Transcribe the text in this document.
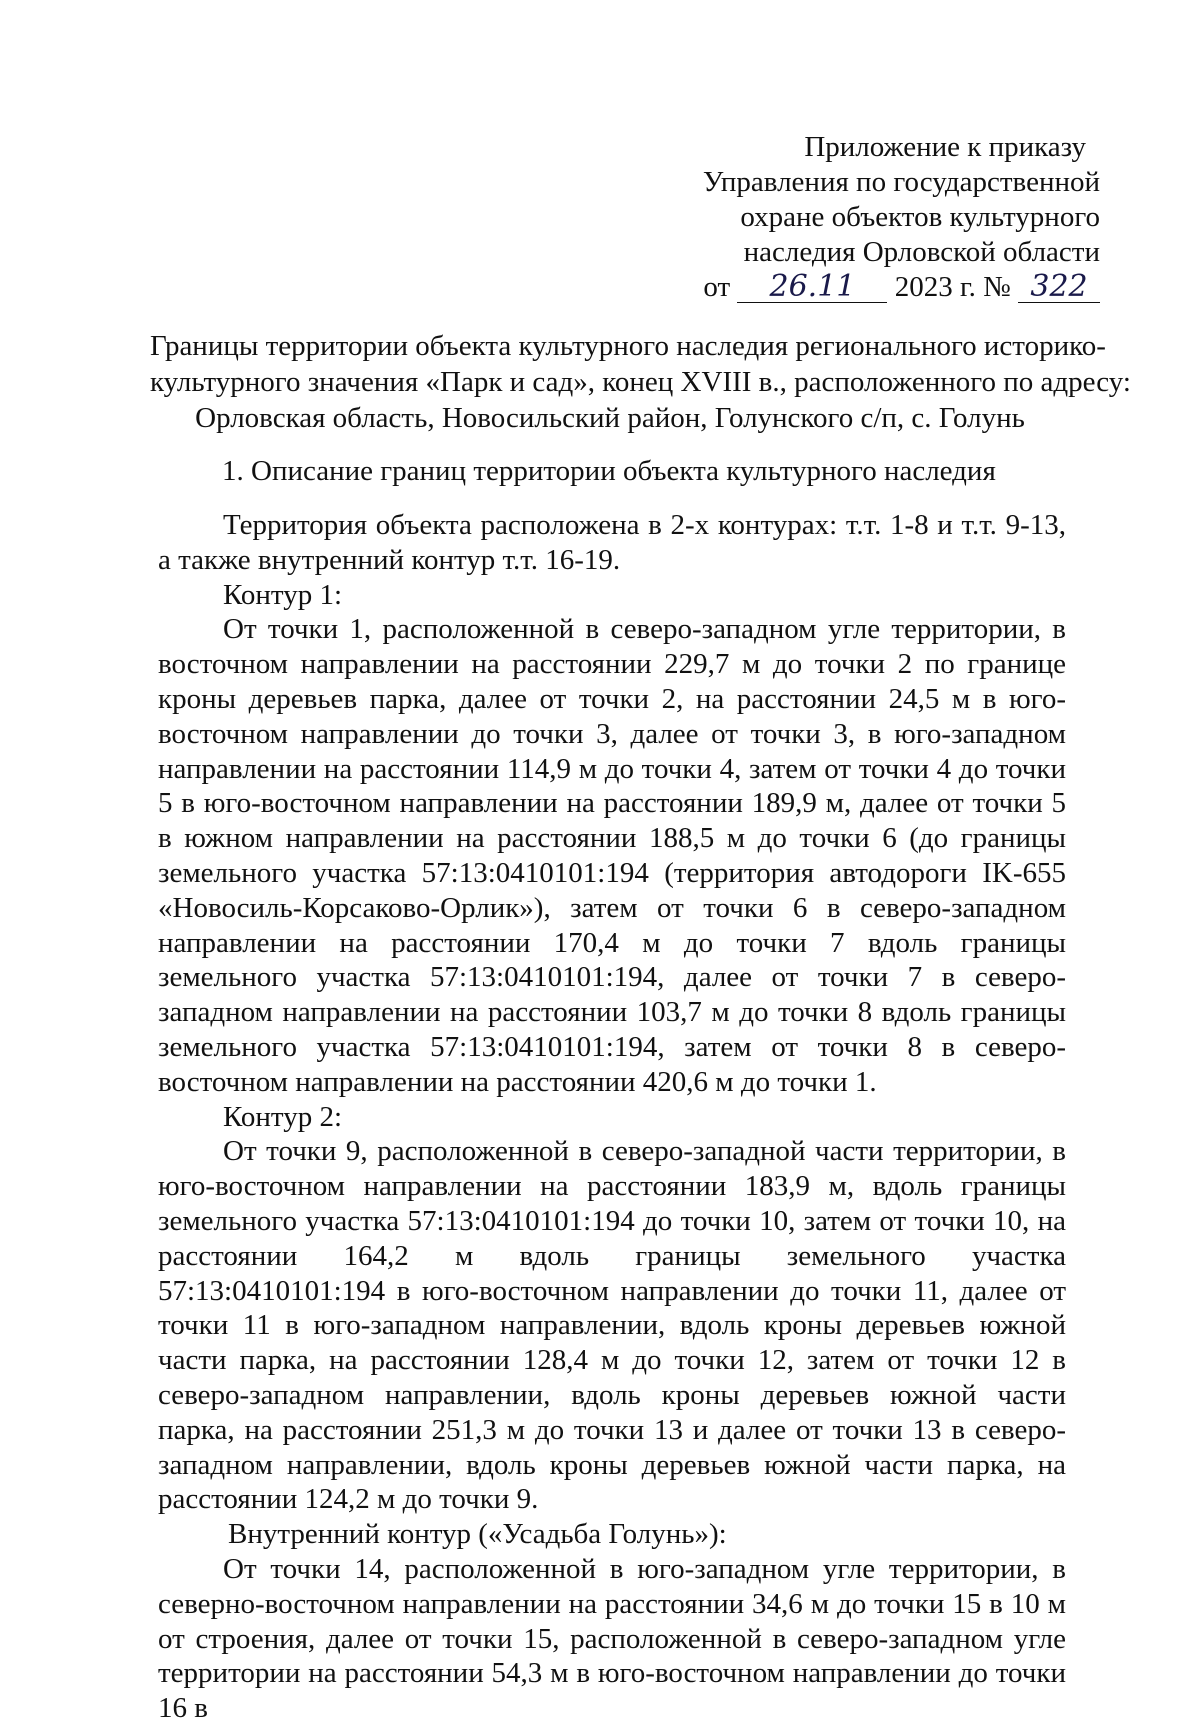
Приложение к приказу
Управления по государственной
охране объектов культурного
наследия Орловской области
от 26.11 2023 г. № 322
Границы территории объекта культурного наследия регионального историко-
культурного значения «Парк и сад», конец XVIII в., расположенного по адресу:
Орловская область, Новосильский район, Голунского с/п, с. Голунь
1. Описание границ территории объекта культурного наследия

Территория объекта расположена в 2-х контурах: т.т. 1-8 и т.т. 9-13, а также внутренний контур т.т. 16-19.

Контур 1:

От точки 1, расположенной в северо-западном угле территории, в восточном направлении на расстоянии 229,7 м до точки 2 по границе кроны деревьев парка, далее от точки 2, на расстоянии 24,5 м в юго-восточном направлении до точки 3, далее от точки 3, в юго-западном направлении на расстоянии 114,9 м до точки 4, затем от точки 4 до точки 5 в юго-восточном направлении на расстоянии 189,9 м, далее от точки 5 в южном направлении на расстоянии 188,5 м до точки 6 (до границы земельного участка 57:13:0410101:194 (территория автодороги IK-655 «Новосиль-Корсаково-Орлик»), затем от точки 6 в северо-западном направлении на расстоянии 170,4 м до точки 7 вдоль границы земельного участка 57:13:0410101:194, далее от точки 7 в северо-западном направлении на расстоянии 103,7 м до точки 8 вдоль границы земельного участка 57:13:0410101:194, затем от точки 8 в северо-восточном направлении на расстоянии 420,6 м до точки 1.

Контур 2:

От точки 9, расположенной в северо-западной части территории, в юго-восточном направлении на расстоянии 183,9 м, вдоль границы земельного участка 57:13:0410101:194 до точки 10, затем от точки 10, на расстоянии 164,2 м вдоль границы земельного участка 57:13:0410101:194 в юго-восточном направлении до точки 11, далее от точки 11 в юго-западном направлении, вдоль кроны деревьев южной части парка, на расстоянии 128,4 м до точки 12, затем от точки 12 в северо-западном направлении, вдоль кроны деревьев южной части парка, на расстоянии 251,3 м до точки 13 и далее от точки 13 в северо-западном направлении, вдоль кроны деревьев южной части парка, на расстоянии 124,2 м до точки 9.

Внутренний контур («Усадьба Голунь»):

От точки 14, расположенной в юго-западном угле территории, в северно-восточном направлении на расстоянии 34,6 м до точки 15 в 10 м от строения, далее от точки 15, расположенной в северо-западном угле территории на расстоянии 54,3 м в юго-восточном направлении до точки 16 в
